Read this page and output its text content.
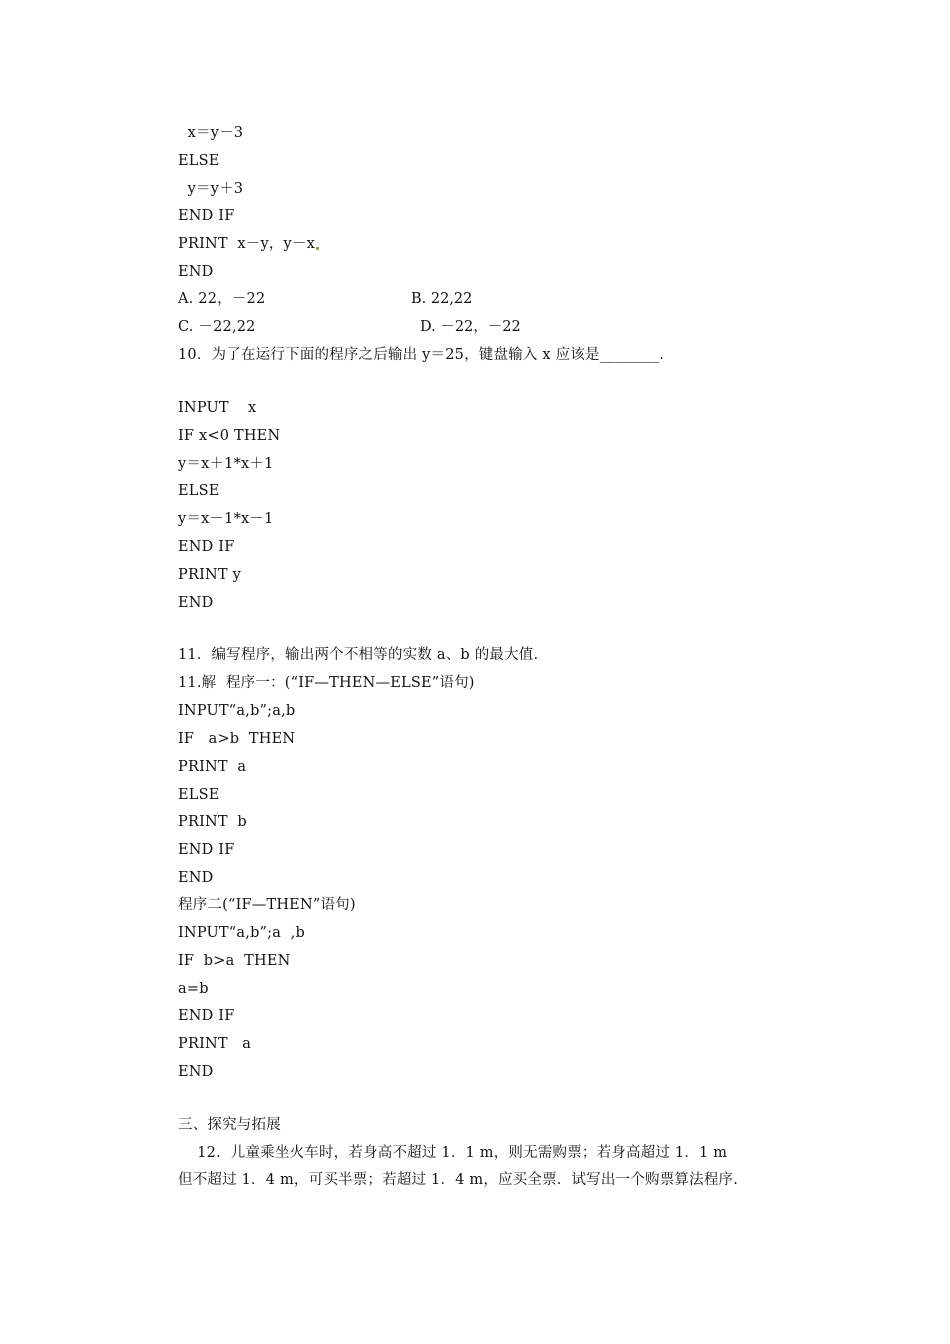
x＝y－3
ELSE
y＝y＋3
END IF
PRINT  x－y，y－x
END
A. 22，－22	B. 22,22
C. －22,22	D. －22，－22
10．为了在运行下面的程序之后输出 y＝25，键盘输入 x 应该是________.
INPUT    x
IF x<0 THEN
y＝x＋1*x＋1
ELSE
y＝x－1*x－1
END IF
PRINT y
END
11．编写程序，输出两个不相等的实数 a、b 的最大值.
11.解  程序一：(“IF—THEN—ELSE”语句)
INPUT“a,b”;a,b
IF   a>b  THEN
PRINT  a
ELSE
PRINT  b
END IF
END
程序二(“IF—THEN”语句)
INPUT“a,b”;a  ,b
IF  b>a  THEN
a=b
END IF
PRINT   a
END
三、探究与拓展
12．儿童乘坐火车时，若身高不超过 1．1 m，则无需购票；若身高超过 1．1 m
但不超过 1．4 m，可买半票；若超过 1．4 m，应买全票．试写出一个购票算法程序.
